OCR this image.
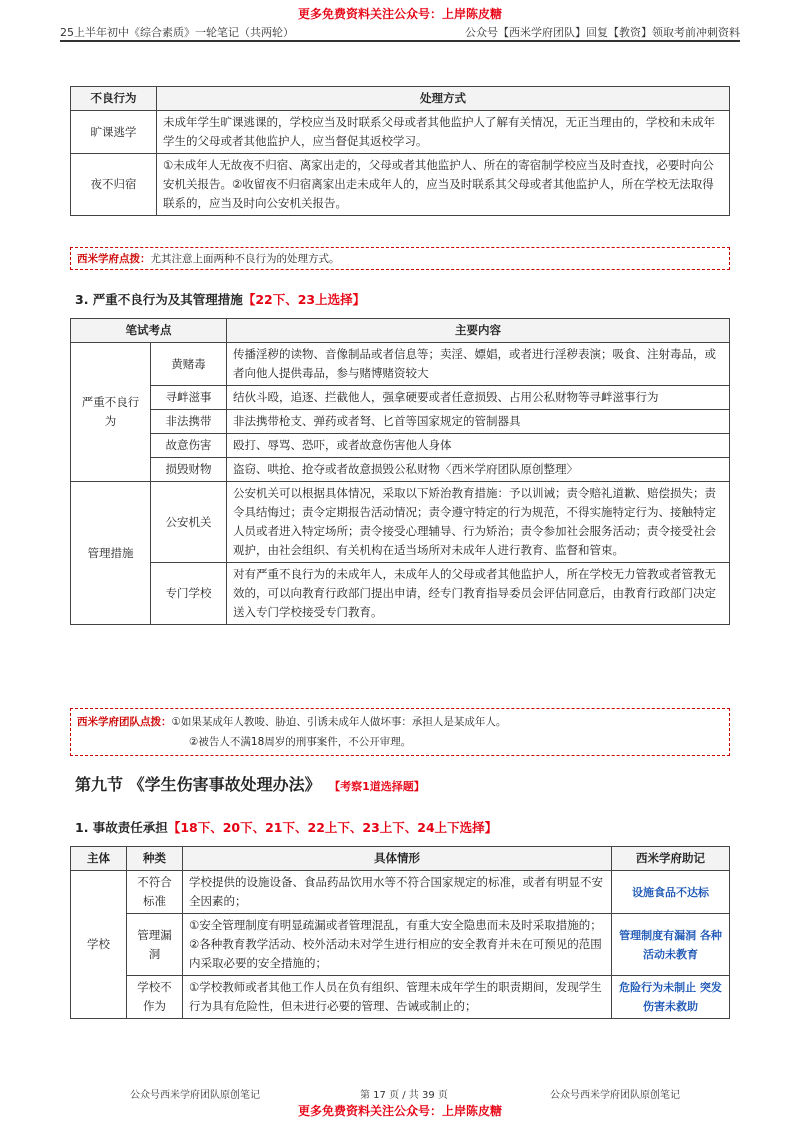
更多免费资料关注公众号：上岸陈皮糖
25上半年初中《综合素质》一轮笔记（共两轮）	公众号【西米学府团队】回复【教资】领取考前冲刺资料
不良行为	处理方式
旷课逃学	未成年学生旷课逃课的，学校应当及时联系父母或者其他监护人了解有关情况，无正当理由的，学校和未成年学生的父母或者其他监护人，应当督促其返校学习。
夜不归宿	①未成年人无故夜不归宿、离家出走的，父母或者其他监护人、所在的寄宿制学校应当及时查找，必要时向公安机关报告。②收留夜不归宿离家出走未成年人的，应当及时联系其父母或者其他监护人，所在学校无法取得联系的，应当及时向公安机关报告。
西米学府点拨：尤其注意上面两种不良行为的处理方式。
3. 严重不良行为及其管理措施【22下、23上选择】
笔试考点		主要内容
严重不良行为	黄赌毒	传播淫秽的读物、音像制品或者信息等；卖淫、嫖娼，或者进行淫秽表演；吸食、注射毒品，或者向他人提供毒品，参与赌博赌资较大
	寻衅滋事	结伙斗殴，追逐、拦截他人，强拿硬要或者任意损毁、占用公私财物等寻衅滋事行为
	非法携带	非法携带枪支、弹药或者弩、匕首等国家规定的管制器具
	故意伤害	殴打、辱骂、恐吓，或者故意伤害他人身体
	损毁财物	盗窃、哄抢、抢夺或者故意损毁公私财物〈西米学府团队原创整理〉
管理措施	公安机关	公安机关可以根据具体情况，采取以下矫治教育措施：予以训诫；责令赔礼道歉、赔偿损失；责令具结悔过；责令定期报告活动情况；责令遵守特定的行为规范，不得实施特定行为、接触特定人员或者进入特定场所；责令接受心理辅导、行为矫治；责令参加社会服务活动；责令接受社会观护，由社会组织、有关机构在适当场所对未成年人进行教育、监督和管束。
	专门学校	对有严重不良行为的未成年人，未成年人的父母或者其他监护人，所在学校无力管教或者管教无效的，可以向教育行政部门提出申请，经专门教育指导委员会评估同意后，由教育行政部门决定送入专门学校接受专门教育。
西米学府团队点拨：①如果某成年人教唆、胁迫、引诱未成年人做坏事：承担人是某成年人。
②被告人不满18周岁的刑事案件，不公开审理。
第九节 《学生伤害事故处理办法》 【考察1道选择题】
1. 事故责任承担【18下、20下、21下、22上下、23上下、24上下选择】
主体	种类	具体情形	西米学府助记
学校	不符合标准	学校提供的设施设备、食品药品饮用水等不符合国家规定的标准，或者有明显不安全因素的；	设施食品不达标
	管理漏洞	①安全管理制度有明显疏漏或者管理混乱，有重大安全隐患而未及时采取措施的；②各种教育教学活动、校外活动未对学生进行相应的安全教育并未在可预见的范围内采取必要的安全措施的；	管理制度有漏洞 各种活动未教育
	学校不作为	①学校教师或者其他工作人员在负有组织、管理未成年学生的职责期间，发现学生行为具有危险性，但未进行必要的管理、告诫或制止的；	危险行为未制止 突发伤害未救助
公众号西米学府团队原创笔记	第 17 页 / 共 39 页	公众号西米学府团队原创笔记
更多免费资料关注公众号：上岸陈皮糖
